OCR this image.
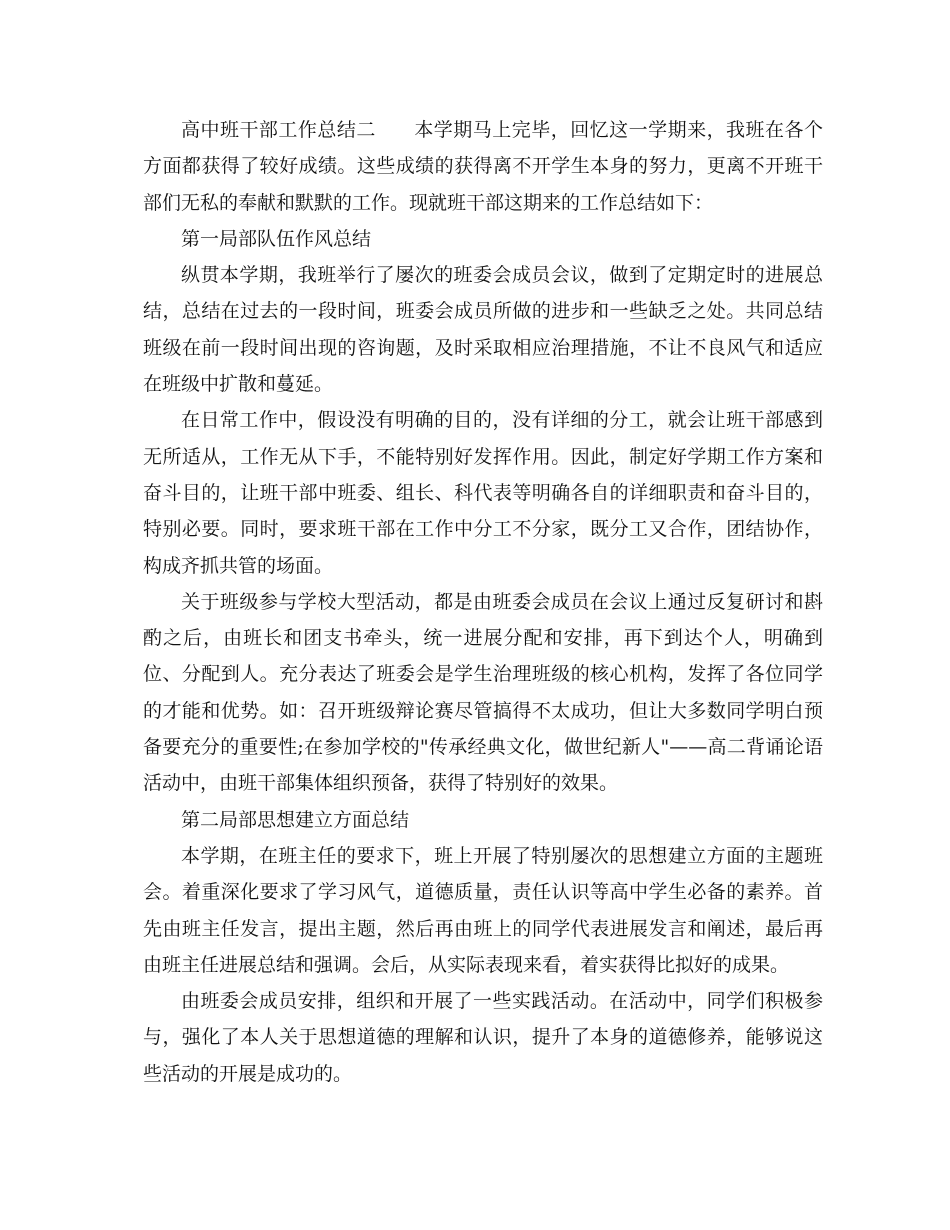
高中班干部工作总结二 本学期马上完毕，回忆这一学期来，我班在各个方面都获得了较好成绩。这些成绩的获得离不开学生本身的努力，更离不开班干部们无私的奉献和默默的工作。现就班干部这期来的工作总结如下：

第一局部队伍作风总结

纵贯本学期，我班举行了屡次的班委会成员会议，做到了定期定时的进展总结，总结在过去的一段时间，班委会成员所做的进步和一些缺乏之处。共同总结班级在前一段时间出现的咨询题，及时采取相应治理措施，不让不良风气和适应在班级中扩散和蔓延。

在日常工作中，假设没有明确的目的，没有详细的分工，就会让班干部感到无所适从，工作无从下手，不能特别好发挥作用。因此，制定好学期工作方案和奋斗目的，让班干部中班委、组长、科代表等明确各自的详细职责和奋斗目的，特别必要。同时，要求班干部在工作中分工不分家，既分工又合作，团结协作，构成齐抓共管的场面。

关于班级参与学校大型活动，都是由班委会成员在会议上通过反复研讨和斟酌之后，由班长和团支书牵头，统一进展分配和安排，再下到达个人，明确到位、分配到人。充分表达了班委会是学生治理班级的核心机构，发挥了各位同学的才能和优势。如：召开班级辩论赛尽管搞得不太成功，但让大多数同学明白预备要充分的重要性;在参加学校的"传承经典文化，做世纪新人"——高二背诵论语活动中，由班干部集体组织预备，获得了特别好的效果。

第二局部思想建立方面总结

本学期，在班主任的要求下，班上开展了特别屡次的思想建立方面的主题班会。着重深化要求了学习风气，道德质量，责任认识等高中学生必备的素养。首先由班主任发言，提出主题，然后再由班上的同学代表进展发言和阐述，最后再由班主任进展总结和强调。会后，从实际表现来看，着实获得比拟好的成果。

由班委会成员安排，组织和开展了一些实践活动。在活动中，同学们积极参与，强化了本人关于思想道德的理解和认识，提升了本身的道德修养，能够说这些活动的开展是成功的。
